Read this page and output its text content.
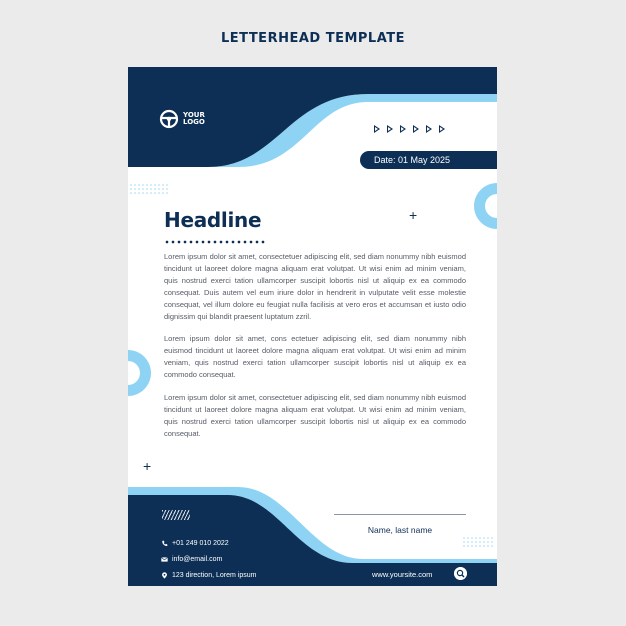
LETTERHEAD TEMPLATE
YOUR
LOGO
Date: 01 May 2025
+
+
Headline

Lorem ipsum dolor sit amet, consectetuer adipiscing elit, sed diam nonummy nibh euismod tincidunt ut laoreet dolore magna aliquam erat volutpat. Ut wisi enim ad minim veniam, quis nostrud exerci tation ullamcorper suscipit lobortis nisl ut aliquip ex ea commodo consequat. Duis autem vel eum iriure dolor in hendrerit in vulputate velit esse molestie consequat, vel illum dolore eu feugiat nulla facilisis at vero eros et accumsan et iusto odio dignissim qui blandit praesent luptatum zzril.

Lorem ipsum dolor sit amet, cons ectetuer adipiscing elit, sed diam nonummy nibh euismod tincidunt ut laoreet dolore magna aliquam erat volutpat. Ut wisi enim ad minim veniam, quis nostrud exerci tation ullamcorper suscipit lobortis nisl ut aliquip ex ea commodo consequat.

Lorem ipsum dolor sit amet, consectetuer adipiscing elit, sed diam nonummy nibh euismod tincidunt ut laoreet dolore magna aliquam erat volutpat. Ut wisi enim ad minim veniam, quis nostrud exerci tation ullamcorper suscipit lobortis nisl ut aliquip ex ea commodo consequat.

Name, last name
+01 249 010 2022
info@email.com
123 direction, Lorem ipsum	www.yoursite.com
